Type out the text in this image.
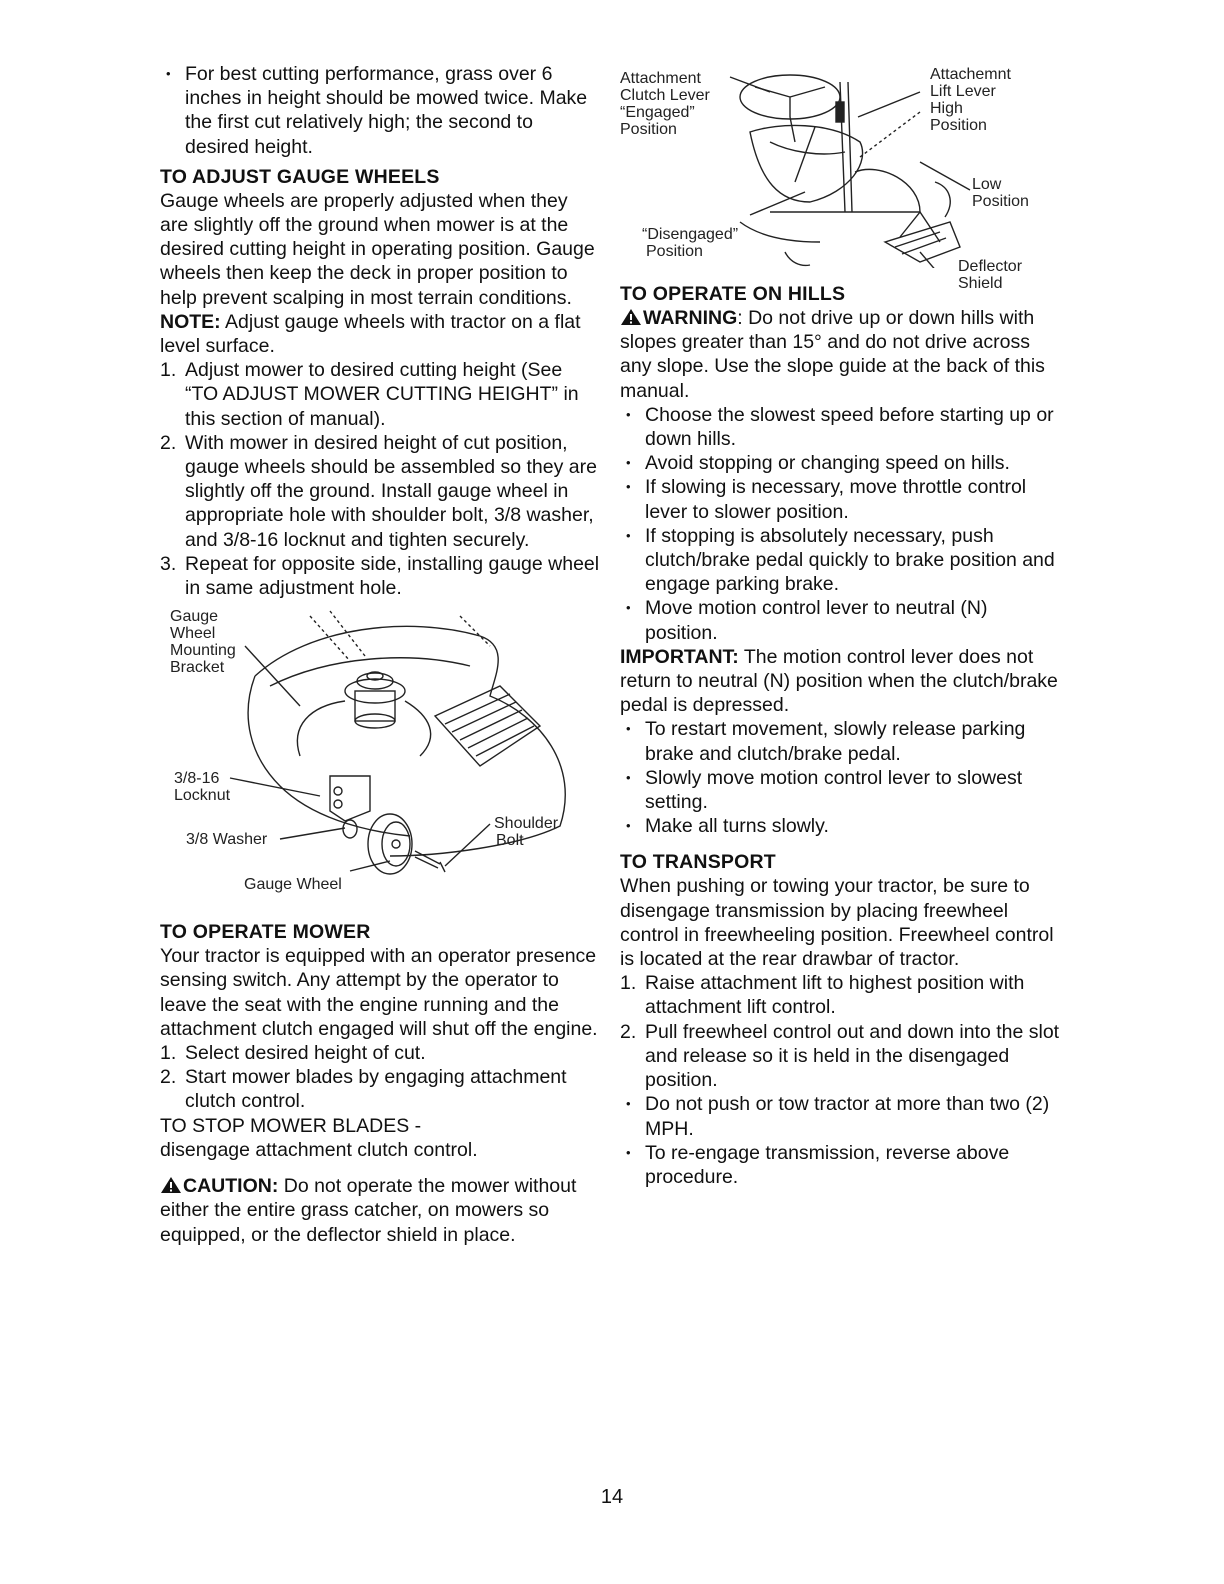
• For best cutting performance, grass over 6 inches in height should be mowed twice. Make the first cut relatively high; the second to desired height.
TO ADJUST GAUGE WHEELS

Gauge wheels are properly adjusted when they are slightly off the ground when mower is at the desired cutting height in operating position. Gauge wheels then keep the deck in proper position to help prevent scalping in most terrain conditions.

NOTE: Adjust gauge wheels with tractor on a flat level surface.

1. Adjust mower to desired cutting height (See “TO ADJUST MOWER CUTTING HEIGHT” in this section of manual).
2. With mower in desired height of cut position, gauge wheels should be assembled so they are slightly off the ground. Install gauge wheel in appropriate hole with shoulder bolt, 3/8 washer, and 3/8-16 locknut and tighten securely.
3. Repeat for opposite side, installing gauge wheel in same adjustment hole.
Gauge
Wheel
Mounting
Bracket
3/8-16
Locknut
3/8 Washer
Shoulder
Bolt
Gauge Wheel
TO OPERATE MOWER

Your tractor is equipped with an operator presence sensing switch. Any attempt by the operator to leave the seat with the engine running and the attachment clutch engaged will shut off the engine.

1. Select desired height of cut.
2. Start mower blades by engaging attachment clutch control.

TO STOP MOWER BLADES -

disengage attachment clutch control.

CAUTION: Do not operate the mower without either the entire grass catcher, on mowers so equipped, or the deflector shield in place.

Attachment
Clutch Lever
“Engaged”
Position
Attachemnt
Lift Lever
High
Position
Low
Position
“Disengaged”
Position
Deflector
Shield
TO OPERATE ON HILLS

WARNING: Do not drive up or down hills with slopes greater than 15° and do not drive across any slope. Use the slope guide at the back of this manual.

• Choose the slowest speed before starting up or down hills.
• Avoid stopping or changing speed on hills.
• If slowing is necessary, move throttle control lever to slower position.
• If stopping is absolutely necessary, push clutch/brake pedal quickly to brake position and engage parking brake.
• Move motion control lever to neutral (N) position.

IMPORTANT: The motion control lever does not return to neutral (N) position when the clutch/brake pedal is depressed.

• To restart movement, slowly release parking brake and clutch/brake pedal.
• Slowly move motion control lever to slowest setting.
• Make all turns slowly.
TO TRANSPORT

When pushing or towing your tractor, be sure to disengage transmission by placing freewheel control in freewheeling position. Freewheel control is located at the rear drawbar of tractor.

1. Raise attachment lift to highest position with attachment lift control.
2. Pull freewheel control out and down into the slot and release so it is held in the disengaged position.
• Do not push or tow tractor at more than two (2) MPH.
• To re-engage transmission, reverse above procedure.
14
